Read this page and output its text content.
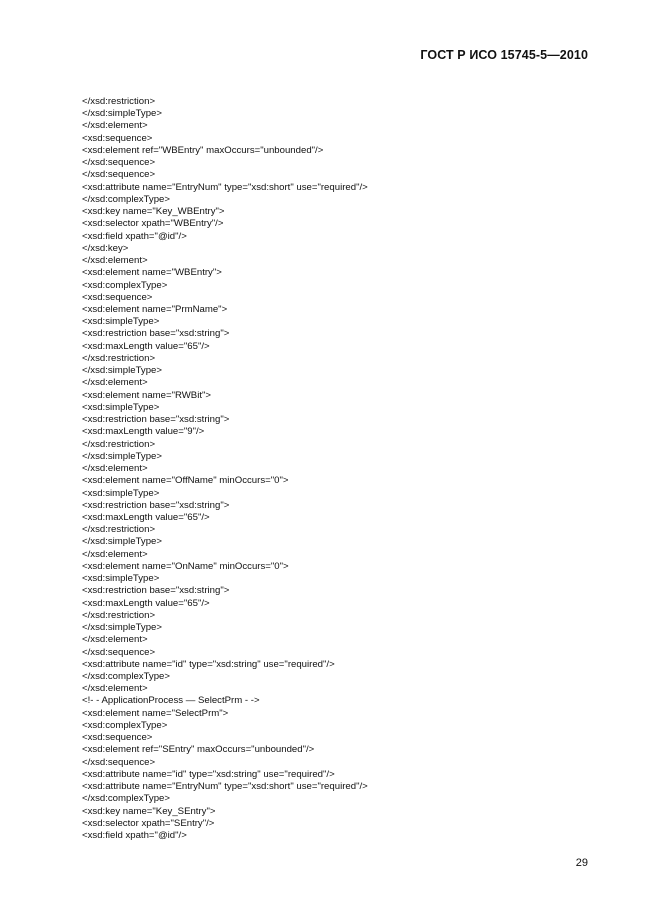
ГОСТ Р ИСО 15745-5—2010
</xsd:restriction>
</xsd:simpleType>
</xsd:element>
<xsd:sequence>
<xsd:element ref="WBEntry" maxOccurs="unbounded"/>
</xsd:sequence>
</xsd:sequence>
<xsd:attribute name="EntryNum" type="xsd:short" use="required"/>
</xsd:complexType>
<xsd:key name="Key_WBEntry">
<xsd:selector xpath="WBEntry"/>
<xsd:field xpath="@id"/>
</xsd:key>
</xsd:element>
<xsd:element name="WBEntry">
<xsd:complexType>
<xsd:sequence>
<xsd:element name="PrmName">
<xsd:simpleType>
<xsd:restriction base="xsd:string">
<xsd:maxLength value="65"/>
</xsd:restriction>
</xsd:simpleType>
</xsd:element>
<xsd:element name="RWBit">
<xsd:simpleType>
<xsd:restriction base="xsd:string">
<xsd:maxLength value="9"/>
</xsd:restriction>
</xsd:simpleType>
</xsd:element>
<xsd:element name="OffName" minOccurs="0">
<xsd:simpleType>
<xsd:restriction base="xsd:string">
<xsd:maxLength value="65"/>
</xsd:restriction>
</xsd:simpleType>
</xsd:element>
<xsd:element name="OnName" minOccurs="0">
<xsd:simpleType>
<xsd:restriction base="xsd:string">
<xsd:maxLength value="65"/>
</xsd:restriction>
</xsd:simpleType>
</xsd:element>
</xsd:sequence>
<xsd:attribute name="id" type="xsd:string" use="required"/>
</xsd:complexType>
</xsd:element>
<!- - ApplicationProcess — SelectPrm - ->
<xsd:element name="SelectPrm">
<xsd:complexType>
<xsd:sequence>
<xsd:element ref="SEntry" maxOccurs="unbounded"/>
</xsd:sequence>
<xsd:attribute name="id" type="xsd:string" use="required"/>
<xsd:attribute name="EntryNum" type="xsd:short" use="required"/>
</xsd:complexType>
<xsd:key name="Key_SEntry">
<xsd:selector xpath="SEntry"/>
<xsd:field xpath="@id"/>
29
